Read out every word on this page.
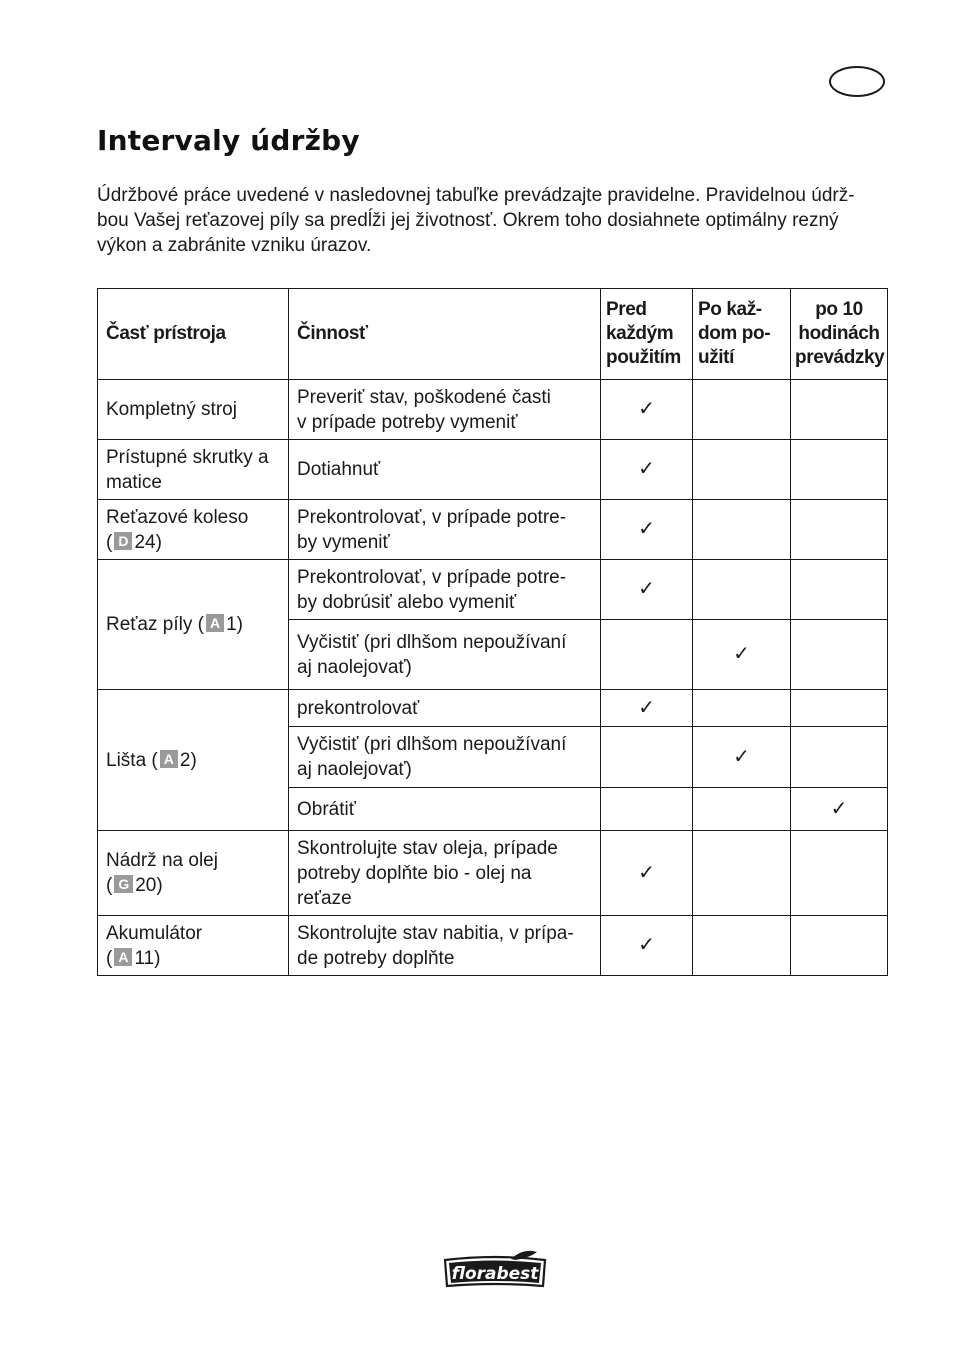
Intervaly údržby

Údržbové práce uvedené v nasledovnej tabuľke prevádzajte pravidelne. Pravidelnou údrž-
bou Vašej reťazovej píly sa predĺži jej životnosť. Okrem toho dosiahnete optimálny rezný
výkon a zabránite vzniku úrazov.

Časť prístroja	Činnosť	Pred každým použitím	Po kaž- dom po- užití	po 10 hodinách prevádzky

Kompletný stroj	Preveriť stav, poškodené časti
v prípade potreby vymeniť	✓		

Prístupné skrutky a
matice	Dotiahnuť	✓		

Reťazové koleso
( D 24)	Prekontrolovať, v prípade potre-
by vymeniť	✓		
Reťaz píly ( A 1)	Prekontrolovať, v prípade potre-
by dobrúsiť alebo vymeniť	✓		

	Vyčistiť (pri dlhšom nepoužívaní
aj naolejovať)		✓	
Lišta ( A 2)	prekontrolovať	✓		

	Vyčistiť (pri dlhšom nepoužívaní
aj naolejovať)		✓	

	Obrátiť			✓

Nádrž na olej
( G 20)	Skontrolujte stav oleja, prípade
potreby doplňte bio - olej na
reťaze	✓		

Akumulátor
( A 11)	Skontrolujte stav nabitia, v prípa-
de potreby doplňte	✓		
florabest
